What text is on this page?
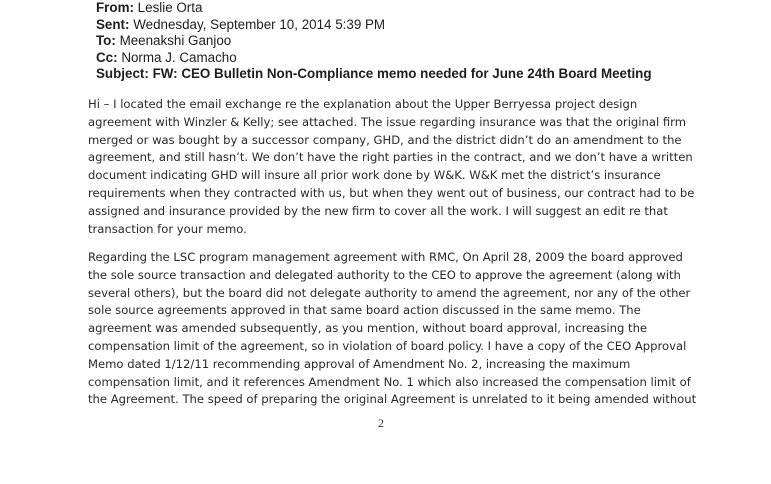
From: Leslie Orta
Sent: Wednesday, September 10, 2014 5:39 PM
To: Meenakshi Ganjoo
Cc: Norma J. Camacho
Subject: FW: CEO Bulletin Non-Compliance memo needed for June 24th Board Meeting
Hi – I located the email exchange re the explanation about the Upper Berryessa project design
agreement with Winzler & Kelly; see attached. The issue regarding insurance was that the original firm
merged or was bought by a successor company, GHD, and the district didn’t do an amendment to the
agreement, and still hasn’t. We don’t have the right parties in the contract, and we don’t have a written
document indicating GHD will insure all prior work done by W&K. W&K met the district’s insurance
requirements when they contracted with us, but when they went out of business, our contract had to be
assigned and insurance provided by the new firm to cover all the work. I will suggest an edit re that
transaction for your memo.
Regarding the LSC program management agreement with RMC, On April 28, 2009 the board approved
the sole source transaction and delegated authority to the CEO to approve the agreement (along with
several others), but the board did not delegate authority to amend the agreement, nor any of the other
sole source agreements approved in that same board action discussed in the same memo. The
agreement was amended subsequently, as you mention, without board approval, increasing the
compensation limit of the agreement, so in violation of board policy. I have a copy of the CEO Approval
Memo dated 1/12/11 recommending approval of Amendment No. 2, increasing the maximum
compensation limit, and it references Amendment No. 1 which also increased the compensation limit of
the Agreement. The speed of preparing the original Agreement is unrelated to it being amended without
2
